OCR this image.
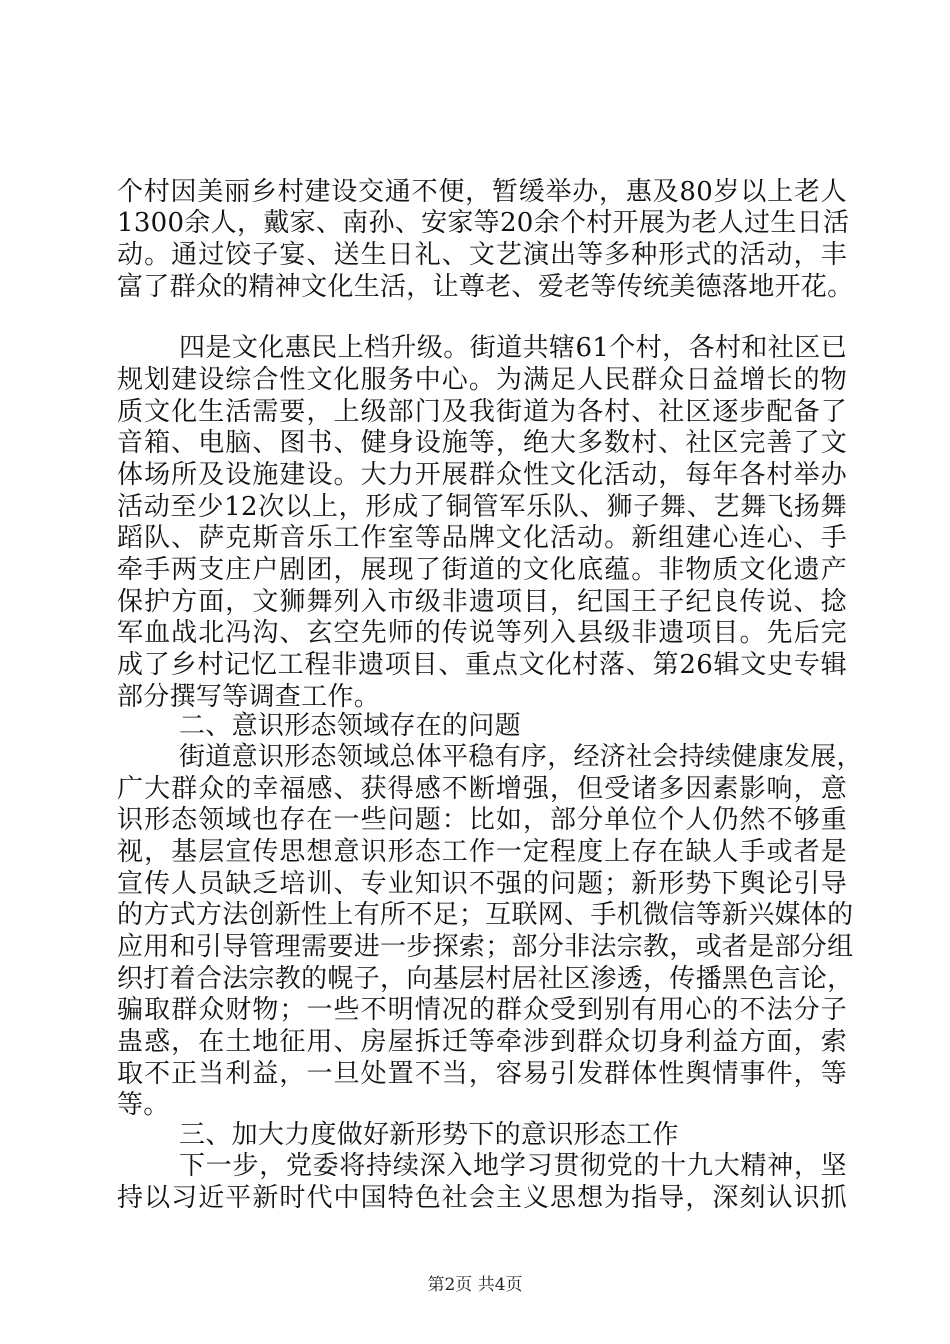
个村因美丽乡村建设交通不便，暂缓举办，惠及80岁以上老人
1300余人，戴家、南孙、安家等20余个村开展为老人过生日活
动。通过饺子宴、送生日礼、文艺演出等多种形式的活动，丰
富了群众的精神文化生活，让尊老、爱老等传统美德落地开花。
四是文化惠民上档升级。街道共辖61个村，各村和社区已
规划建设综合性文化服务中心。为满足人民群众日益增长的物
质文化生活需要，上级部门及我街道为各村、社区逐步配备了
音箱、电脑、图书、健身设施等，绝大多数村、社区完善了文
体场所及设施建设。大力开展群众性文化活动，每年各村举办
活动至少12次以上，形成了铜管军乐队、狮子舞、艺舞飞扬舞
蹈队、萨克斯音乐工作室等品牌文化活动。新组建心连心、手
牵手两支庄户剧团，展现了街道的文化底蕴。非物质文化遗产
保护方面，文狮舞列入市级非遗项目，纪国王子纪良传说、捻
军血战北冯沟、玄空先师的传说等列入县级非遗项目。先后完
成了乡村记忆工程非遗项目、重点文化村落、第26辑文史专辑
部分撰写等调查工作。
二、意识形态领域存在的问题
街道意识形态领域总体平稳有序，经济社会持续健康发展，
广大群众的幸福感、获得感不断增强，但受诸多因素影响，意
识形态领域也存在一些问题：比如，部分单位个人仍然不够重
视，基层宣传思想意识形态工作一定程度上存在缺人手或者是
宣传人员缺乏培训、专业知识不强的问题；新形势下舆论引导
的方式方法创新性上有所不足；互联网、手机微信等新兴媒体的
应用和引导管理需要进一步探索；部分非法宗教，或者是部分组
织打着合法宗教的幌子，向基层村居社区渗透，传播黑色言论，
骗取群众财物；一些不明情况的群众受到别有用心的不法分子
蛊惑，在土地征用、房屋拆迁等牵涉到群众切身利益方面，索
取不正当利益，一旦处置不当，容易引发群体性舆情事件，等
等。
三、加大力度做好新形势下的意识形态工作
下一步，党委将持续深入地学习贯彻党的十九大精神，坚
持以习近平新时代中国特色社会主义思想为指导，深刻认识抓
第2页 共4页
